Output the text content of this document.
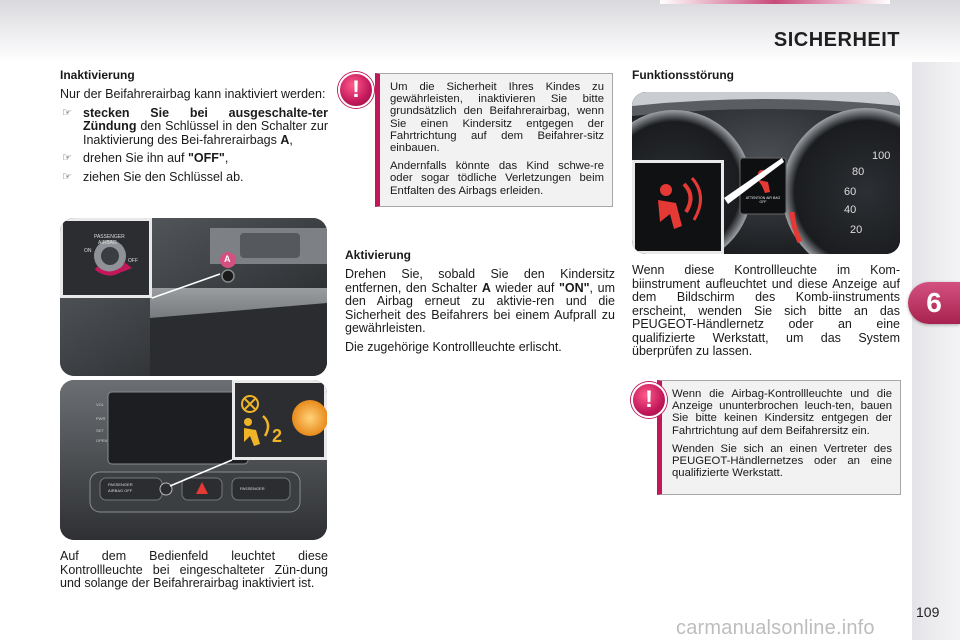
SICHERHEIT
6
Inaktivierung

Nur der Beifahrerairbag kann inaktiviert werden:

☞ stecken Sie bei ausgeschalte-ter Zündung den Schlüssel in den Schalter zur Inaktivierung des Bei-fahrerairbags A,
☞ drehen Sie ihn auf "OFF",
☞ ziehen Sie den Schlüssel ab.
PASSENGER
AIRBAG
ON
OFF	A
2
VOL
PWR
SET
OPEN
PASSENGER
AIRBAG OFF	PASSENGER
Auf dem Bedienfeld leuchtet diese Kontrollleuchte bei eingeschalteter Zün-dung und solange der Beifahrerairbag inaktiviert ist.

Um die Sicherheit Ihres Kindes zu gewährleisten, inaktivieren Sie bitte grundsätzlich den Beifahrerairbag, wenn Sie einen Kindersitz entgegen der Fahrtrichtung auf dem Beifahrer-sitz einbauen.

Andernfalls könnte das Kind schwe-re oder sogar tödliche Verletzungen beim Entfalten des Airbags erleiden.

!
Aktivierung

Drehen Sie, sobald Sie den Kindersitz entfernen, den Schalter A wieder auf "ON", um den Airbag erneut zu aktivie-ren und die Sicherheit des Beifahrers bei einem Aufprall zu gewährleisten.

Die zugehörige Kontrollleuchte erlischt.

Funktionsstörung
100
80
60
40
20
ATTENTION AIR BAG OFF

Wenn diese Kontrollleuchte im Kom-biinstrument aufleuchtet und diese Anzeige auf dem Bildschirm des Komb-iinstruments erscheint, wenden Sie sich bitte an das PEUGEOT-Händlernetz oder an eine qualifizierte Werkstatt, um das System überprüfen zu lassen.

Wenn die Airbag-Kontrollleuchte und die Anzeige ununterbrochen leuch-ten, bauen Sie bitte keinen Kindersitz entgegen der Fahrtrichtung auf dem Beifahrersitz ein.

Wenden Sie sich an einen Vertreter des PEUGEOT-Händlernetzes oder an eine qualifizierte Werkstatt.

!
109
carmanualsonline.info
